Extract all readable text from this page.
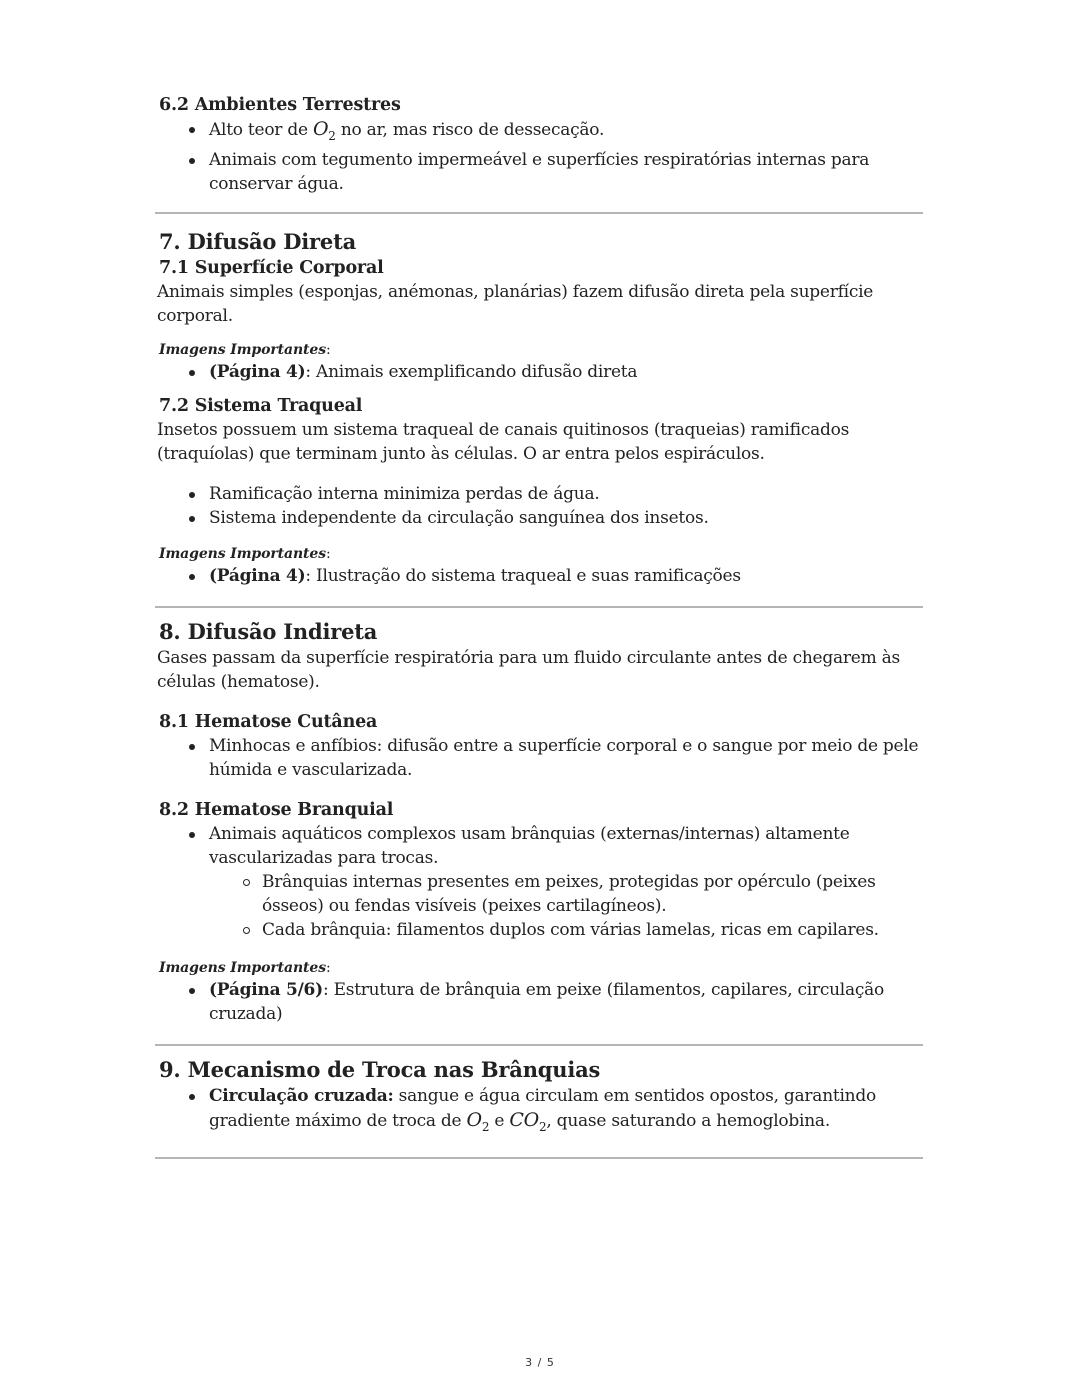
6.2 Ambientes Terrestres
Alto teor de $O_2$ no ar, mas risco de dessecação.
Animais com tegumento impermeável e superfícies respiratórias internas para conservar água.
7. Difusão Direta
7.1 Superfície Corporal

Animais simples (esponjas, anémonas, planárias) fazem difusão direta pela superfície corporal.

Imagens Importantes:
(Página 4): Animais exemplificando difusão direta
7.2 Sistema Traqueal

Insetos possuem um sistema traqueal de canais quitinosos (traqueias) ramificados (traquíolas) que terminam junto às células. O ar entra pelos espiráculos.

Ramificação interna minimiza perdas de água.
Sistema independente da circulação sanguínea dos insetos.
Imagens Importantes:
(Página 4): Ilustração do sistema traqueal e suas ramificações
8. Difusão Indireta

Gases passam da superfície respiratória para um fluido circulante antes de chegarem às células (hematose).

8.1 Hematose Cutânea
Minhocas e anfíbios: difusão entre a superfície corporal e o sangue por meio de pele húmida e vascularizada.
8.2 Hematose Branquial
Animais aquáticos complexos usam brânquias (externas/internas) altamente vascularizadas para trocas.
Brânquias internas presentes em peixes, protegidas por opérculo (peixes ósseos) ou fendas visíveis (peixes cartilagíneos).
Cada brânquia: filamentos duplos com várias lamelas, ricas em capilares.
Imagens Importantes:
(Página 5/6): Estrutura de brânquia em peixe (filamentos, capilares, circulação cruzada)
9. Mecanismo de Troca nas Brânquias
Circulação cruzada: sangue e água circulam em sentidos opostos, garantindo gradiente máximo de troca de $O_2$ e $CO_2$, quase saturando a hemoglobina.
3 / 5
